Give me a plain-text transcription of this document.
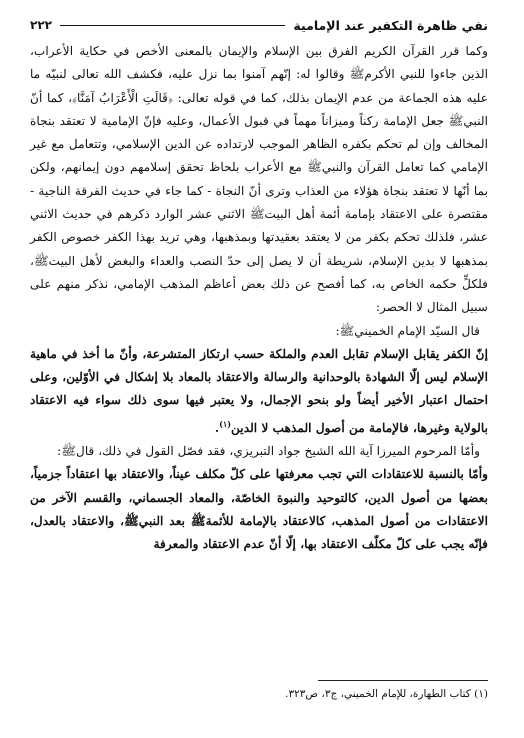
٢٢٢	نفي ظاهرة التكفير عند الإمامية

وكما قرر القرآن الكريم الفرق بين الإسلام والإيمان بالمعنى الأخص في حكاية الأعراب، الذين جاءوا للنبي الأكرمﷺ وقالوا له: إنّهم آمنوا بما نزل عليه، فكشف الله تعالى لنبيّه ما عليه هذه الجماعة من عدم الإيمان بذلك، كما في قوله تعالى: ﴿قَالَتِ الْأَعْرَابُ آمَنَّا﴾، كما أنّ النبيﷺ جعل الإمامة ركناً وميزاناً مهماً في قبول الأعمال، وعليه فإنّ الإمامية لا تعتقد بنجاة المخالف وإن لم تحكم بكفره الظاهر الموجب لارتداده عن الدين الإسلامي، وتتعامل مع غير الإمامي كما تعامل القرآن والنبيﷺ مع الأعراب بلحاظ تحقق إسلامهم دون إيمانهم، ولكن بما أنّها لا تعتقد بنجاة هؤلاء من العذاب وترى أنّ النجاة - كما جاء في حديث الفرقة الناجية - مقتصرة على الاعتقاد بإمامة أئمة أهل البيتﷺ الاثني عشر الوارد ذكرهم في حديث الاثني عشر، فلذلك تحكم بكفر من لا يعتقد بعقيدتها وبمذهبها، وهي تريد بهذا الكفر خصوص الكفر بمذهبها لا بدين الإسلام، شريطة أن لا يصل إلى حدّ النصب والعداء والبغض لأهل البيتﷺ، فلكلٍّ حكمه الخاص به، كما أفصح عن ذلك بعض أعاظم المذهب الإمامي، نذكر منهم على سبيل المثال لا الحصر:

قال السيّد الإمام الخمينيﷺ:

إنّ الكفر يقابل الإسلام تقابل العدم والملكة حسب ارتكاز المتشرعة، وأنّ ما أخذ في ماهية الإسلام ليس إلّا الشهادة بالوحدانية والرسالة والاعتقاد بالمعاد بلا إشكال في الأوّلين، وعلى احتمال اعتبار الأخير أيضاً ولو بنحو الإجمال، ولا يعتبر فيها سوى ذلك سواء فيه الاعتقاد بالولاية وغيرها، فالإمامة من أصول المذهب لا الدين$^{(١)}$.

وأمّا المرحوم الميرزا آية الله الشيخ جواد التبريزي، فقد فصّل القول في ذلك، قالﷺ:

وأمّا بالنسبة للاعتقادات التي تجب معرفتها على كلّ مكلف عيناً، والاعتقاد بها اعتقاداً جزمياً، بعضها من أصول الدين، كالتوحيد والنبوة الخاصّة، والمعاد الجسماني، والقسم الآخر من الاعتقادات من أصول المذهب، كالاعتقاد بالإمامة للأئمةﷺ بعد النبيﷺ، والاعتقاد بالعدل، فإنّه يجب على كلّ مكلّف الاعتقاد بها، إلّا أنّ عدم الاعتقاد والمعرفة

(١) كتاب الطهارة، للإمام الخميني، ج٣، ص٣٢٣.
